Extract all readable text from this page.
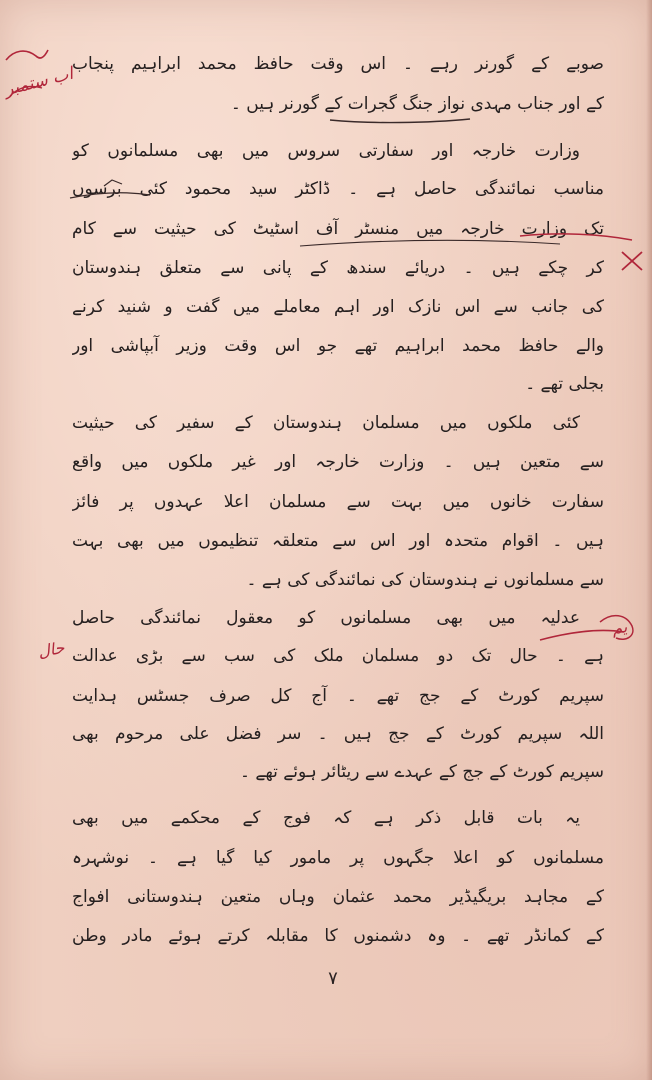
صوبے کے گورنر رہے ۔ اس وقت حافظ محمد ابراہیم پنجاب
کے اور جناب مہدی نواز جنگ گجرات کے گورنر ہیں ۔
وزارت خارجہ اور سفارتی سروس میں بھی مسلمانوں کو
مناسب نمائندگی حاصل ہے ۔ ڈاکٹر سید محمود کئی برسوں
تک وزارت خارجہ میں منسٹر آف اسٹیٹ کی حیثیت سے کام
کر چکے ہیں ۔ دریائے سندھ کے پانی سے متعلق ہندوستان
کی جانب سے اس نازک اور اہم معاملے میں گفت و شنید کرنے
والے حافظ محمد ابراہیم تھے جو اس وقت وزیر آبپاشی اور
بجلی تھے ۔
کئی ملکوں میں مسلمان ہندوستان کے سفیر کی حیثیت
سے متعین ہیں ۔ وزارت خارجہ اور غیر ملکوں میں واقع
سفارت خانوں میں بہت سے مسلمان اعلا عہدوں پر فائز
ہیں ۔ اقوام متحدہ اور اس سے متعلقہ تنظیموں میں بھی بہت
سے مسلمانوں نے ہندوستان کی نمائندگی کی ہے ۔
عدلیہ میں بھی مسلمانوں کو معقول نمائندگی حاصل
ہے ۔ حال تک دو مسلمان ملک کی سب سے بڑی عدالت
سپریم کورٹ کے جج تھے ۔ آج کل صرف جسٹس ہدایت
اللہ سپریم کورٹ کے جج ہیں ۔ سر فضل علی مرحوم بھی
سپریم کورٹ کے جج کے عہدے سے ریٹائر ہوئے تھے ۔
یہ بات قابل ذکر ہے کہ فوج کے محکمے میں بھی
مسلمانوں کو اعلا جگہوں پر مامور کیا گیا ہے ۔ نوشہرہ
کے مجاہد بریگیڈیر محمد عثمان وہاں متعین ہندوستانی افواج
کے کمانڈر تھے ۔ وہ دشمنوں کا مقابلہ کرتے ہوئے مادر وطن
۷
اب ستمبر
یم
حال
